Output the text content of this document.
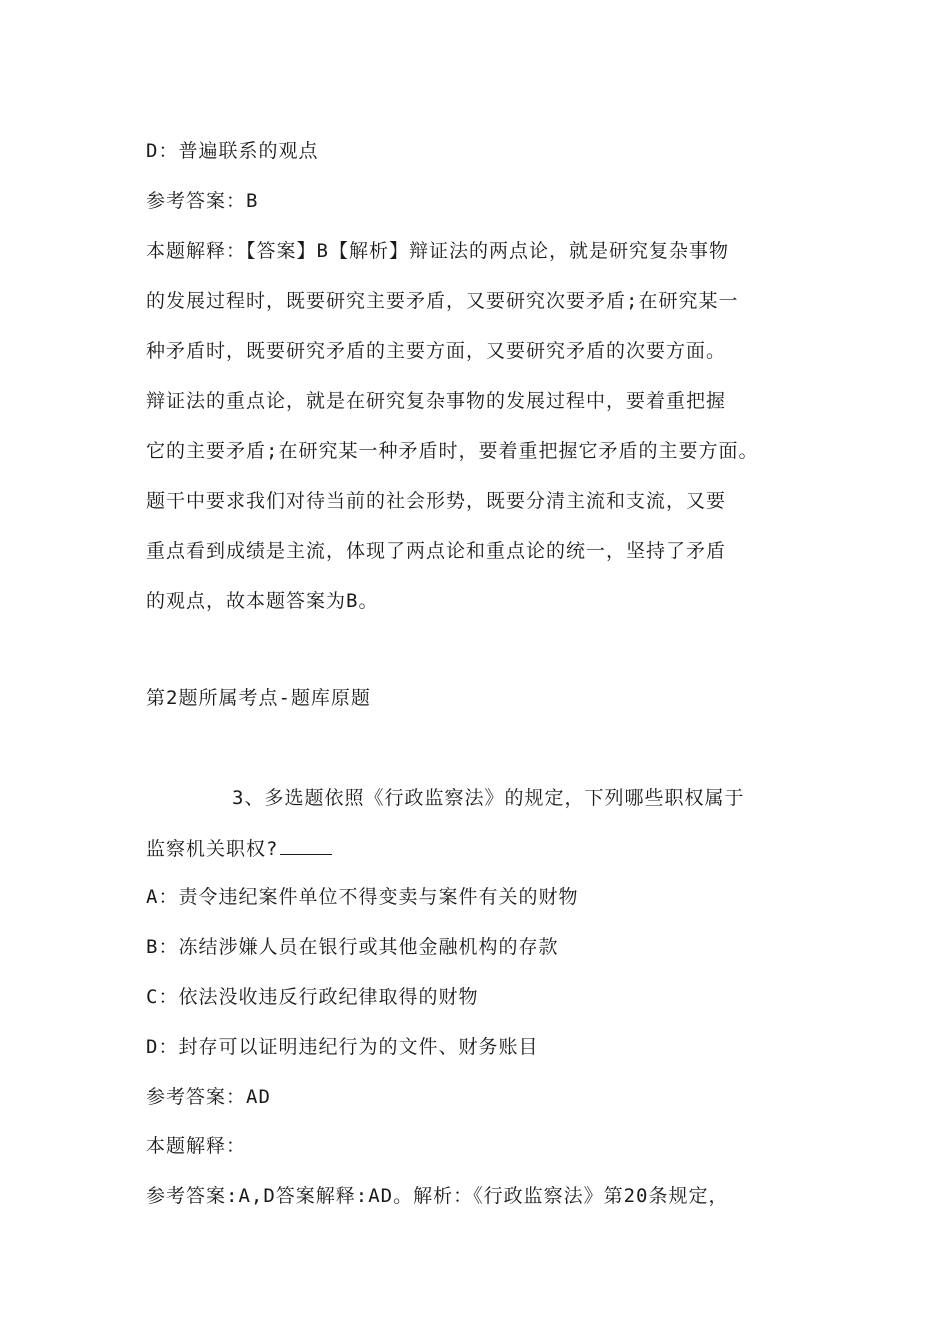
D：普遍联系的观点
参考答案：B
本题解释：【答案】B【解析】辩证法的两点论，就是研究复杂事物
的发展过程时，既要研究主要矛盾，又要研究次要矛盾;在研究某一
种矛盾时，既要研究矛盾的主要方面，又要研究矛盾的次要方面。
辩证法的重点论，就是在研究复杂事物的发展过程中，要着重把握
它的主要矛盾;在研究某一种矛盾时，要着重把握它矛盾的主要方面。
题干中要求我们对待当前的社会形势，既要分清主流和支流，又要
重点看到成绩是主流，体现了两点论和重点论的统一，坚持了矛盾
的观点，故本题答案为B。
第2题所属考点-题库原题
3、多选题依照《行政监察法》的规定，下列哪些职权属于
监察机关职权?
A：责令违纪案件单位不得变卖与案件有关的财物
B：冻结涉嫌人员在银行或其他金融机构的存款
C：依法没收违反行政纪律取得的财物
D：封存可以证明违纪行为的文件、财务账目
参考答案：AD
本题解释：
参考答案:A,D答案解释:AD。解析：《行政监察法》第20条规定，
